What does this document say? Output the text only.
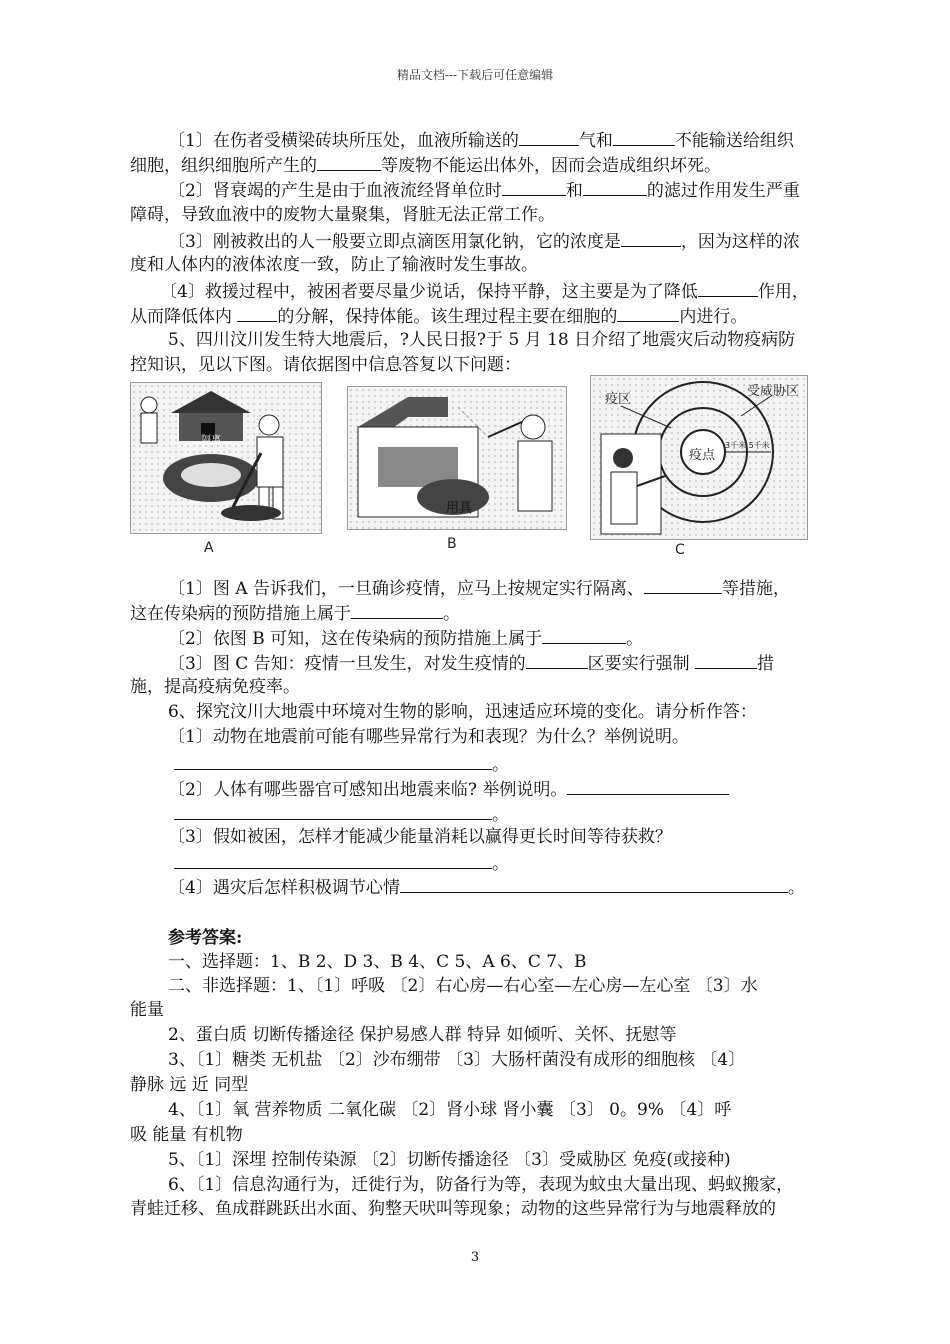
精品文档---下载后可任意编辑
〔1〕在伤者受横梁砖块所压处，血液所输送的	气和	不能输送给组织
细胞，组织细胞所产生的	等废物不能运出体外，因而会造成组织坏死。
〔2〕肾衰竭的产生是由于血液流经肾单位时	和	的滤过作用发生严重
障碍，导致血液中的废物大量聚集，肾脏无法正常工作。
〔3〕刚被救出的人一般要立即点滴医用氯化钠，它的浓度是	，因为这样的浓
度和人体内的液体浓度一致，防止了输液时发生事故。
〔4〕救援过程中，被困者要尽量少说话，保持平静，这主要是为了降低	作用，
从而降低体内 的分解，保持体能。该生理过程主要在细胞的	内进行。
5、四川汶川发生特大地震后，?人民日报?于 5 月 18 日介绍了地震灾后动物疫病防
控知识，见以下图。请依据图中信息答复以下问题：
隔离
A
用具
B
疫区
受威胁区
疫点
3千米 5千米
C
〔1〕图 A 告诉我们，一旦确诊疫情，应马上按规定实行隔离、	等措施，
这在传染病的预防措施上属于	。
〔2〕依图 B 可知，这在传染病的预防措施上属于	。
〔3〕图 C 告知：疫情一旦发生，对发生疫情的	区要实行强制	措
施，提高疫病免疫率。
6、探究汶川大地震中环境对生物的影响，迅速适应环境的变化。请分析作答：
〔1〕动物在地震前可能有哪些异常行为和表现？为什么？举例说明。
。
〔2〕人体有哪些器官可感知出地震来临? 举例说明。
。
〔3〕假如被困，怎样才能减少能量消耗以赢得更长时间等待获救？
。
〔4〕遇灾后怎样积极调节心情	。
参考答案:
一、选择题：1、B 2、D 3、B 4、C 5、A 6、C 7、B
二、非选择题：1、〔1〕呼吸 〔2〕右心房—右心室—左心房—左心室 〔3〕水
能量
2、蛋白质 切断传播途径 保护易感人群 特异 如倾听、关怀、抚慰等
3、〔1〕糖类 无机盐 〔2〕沙布绷带 〔3〕大肠杆菌没有成形的细胞核 〔4〕
静脉 远 近 同型
4、〔1〕氧 营养物质 二氧化碳 〔2〕肾小球 肾小囊 〔3〕 0。9% 〔4〕呼
吸 能量 有机物
5、〔1〕深埋 控制传染源 〔2〕切断传播途径 〔3〕受威胁区 免疫(或接种)
6、〔1〕信息沟通行为，迁徙行为，防备行为等，表现为蚊虫大量出现、蚂蚁搬家，
青蛙迁移、鱼成群跳跃出水面、狗整天吠叫等现象；动物的这些异常行为与地震释放的
3
